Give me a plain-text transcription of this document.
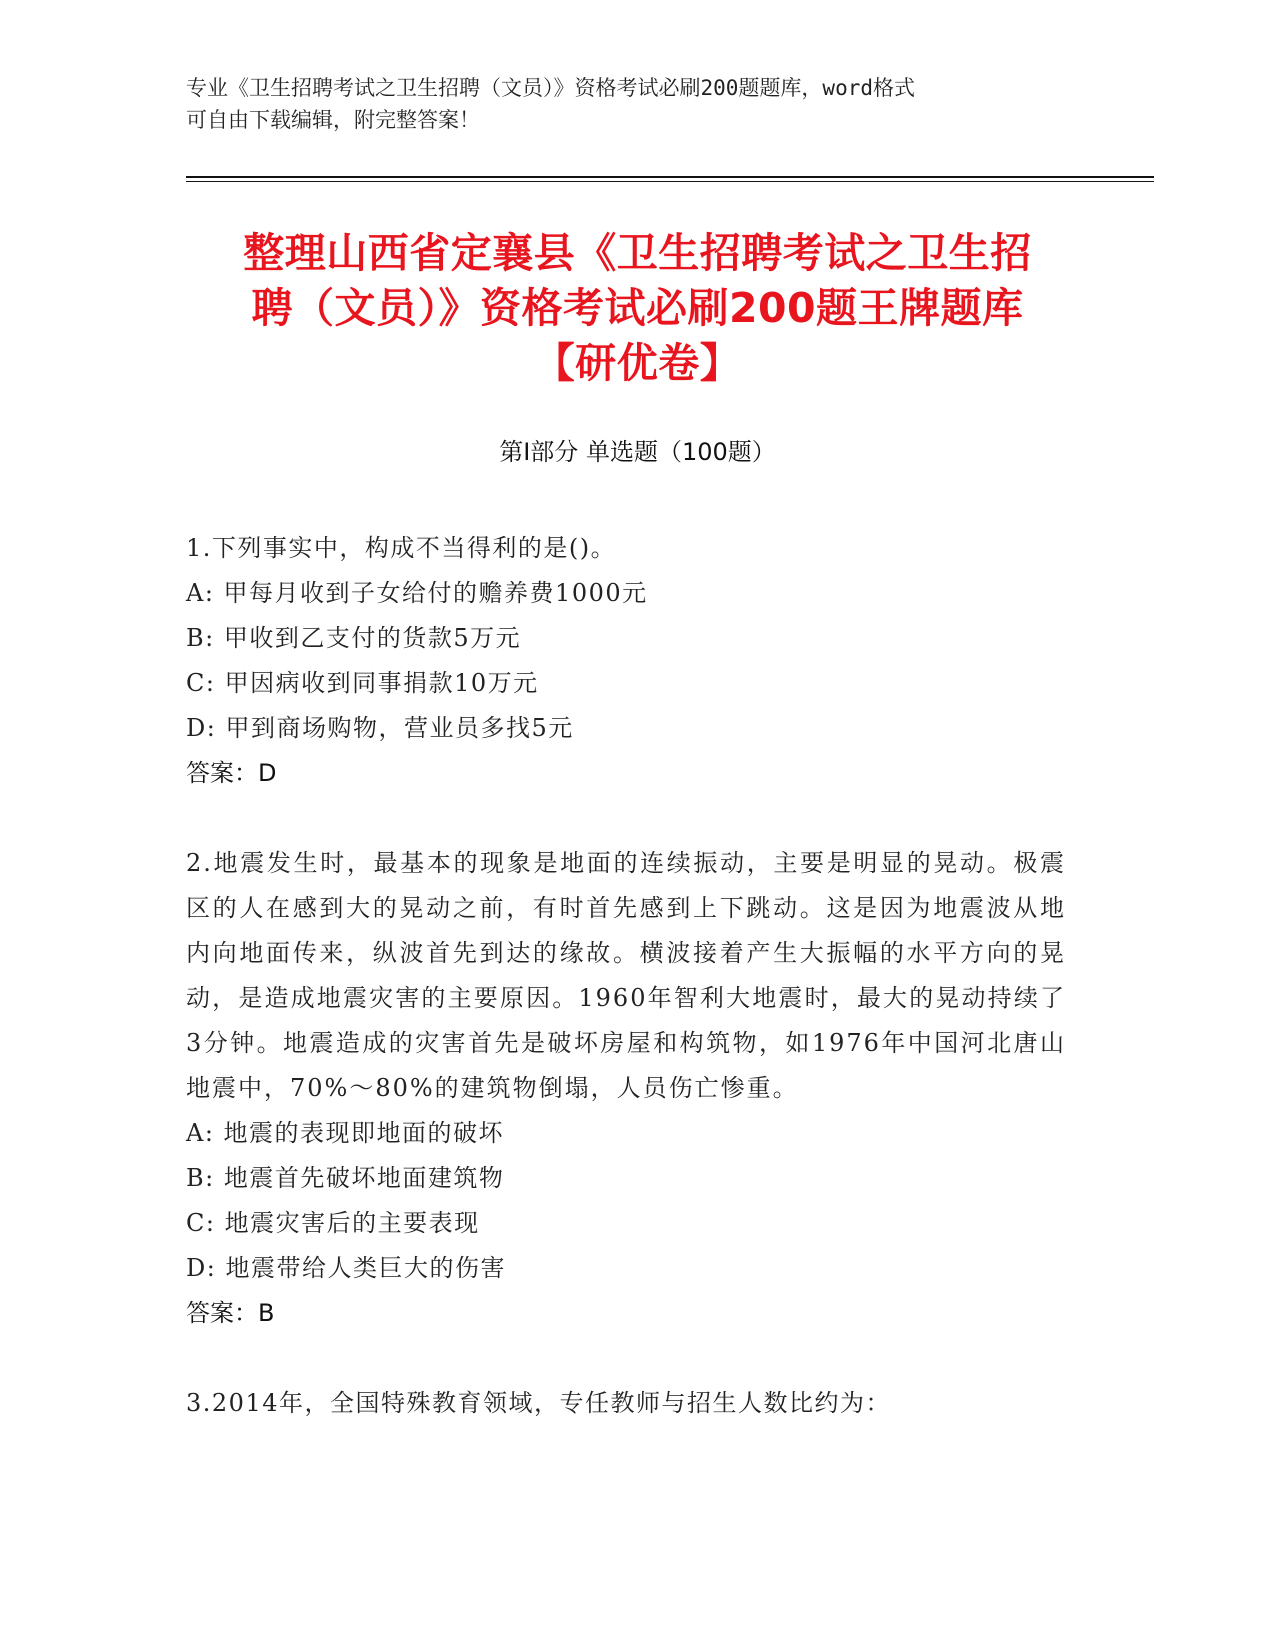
专业《卫生招聘考试之卫生招聘（文员）》资格考试必刷200题题库，word格式
可自由下载编辑，附完整答案！
整理山西省定襄县《卫生招聘考试之卫生招
聘（文员）》资格考试必刷200题王牌题库
【研优卷】
第I部分 单选题（100题）
1.下列事实中，构成不当得利的是()。
A: 甲每月收到子女给付的赡养费1000元
B: 甲收到乙支付的货款5万元
C: 甲因病收到同事捐款10万元
D: 甲到商场购物，营业员多找5元
答案：D
2.地震发生时，最基本的现象是地面的连续振动，主要是明显的晃动。极震区的人在感到大的晃动之前，有时首先感到上下跳动。这是因为地震波从地内向地面传来，纵波首先到达的缘故。横波接着产生大振幅的水平方向的晃动，是造成地震灾害的主要原因。1960年智利大地震时，最大的晃动持续了3分钟。地震造成的灾害首先是破坏房屋和构筑物，如1976年中国河北唐山地震中，70%～80%的建筑物倒塌，人员伤亡惨重。
A: 地震的表现即地面的破坏
B: 地震首先破坏地面建筑物
C: 地震灾害后的主要表现
D: 地震带给人类巨大的伤害
答案：B
3.2014年，全国特殊教育领域，专任教师与招生人数比约为：
